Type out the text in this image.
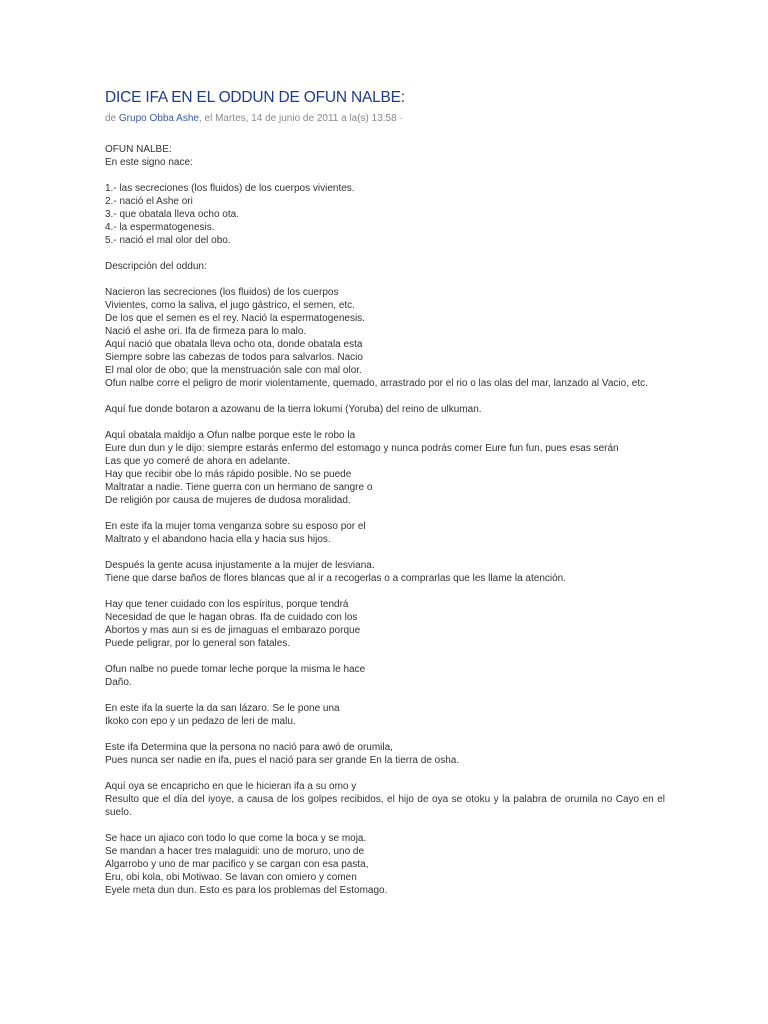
DICE IFA EN EL ODDUN DE OFUN NALBE:
de Grupo Obba Ashe, el Martes, 14 de junio de 2011 a la(s) 13:58 ·
OFUN NALBE:
En este signo nace:
1.- las secreciones (los fluidos) de los cuerpos vivientes.
2.- nació el Ashe ori
3.- que obatala lleva ocho ota.
4.- la espermatogenesis.
5.- nació el mal olor del obo.
Descripción del oddun:
Nacieron las secreciones (los fluidos) de los cuerpos
Vivientes, como la saliva, el jugo gástrico, el semen, etc.
De los que el semen es el rey. Nació la espermatogenesis.
Nació el ashe ori. Ifa de firmeza para lo malo.
Aquí nació que obatala lleva ocho ota, donde obatala esta
Siempre sobre las cabezas de todos para salvarlos. Nacio
El mal olor de obo; que la menstruación sale con mal olor.
Ofun nalbe corre el peligro de morir violentamente, quemado, arrastrado por el rio o las olas del mar, lanzado al Vacio, etc.
Aquí fue donde botaron a azowanu de la tierra lokumi (Yoruba) del reino de ulkuman.
Aquí obatala maldijo a Ofun nalbe porque este le robo la
Eure dun dun y le dijo: siempre estarás enfermo del estomago y nunca podrás comer Eure fun fun, pues esas serán
Las que yo comeré de ahora en adelante.
Hay que recibir obe lo más rápido posible. No se puede
Maltratar a nadie. Tiene guerra con un hermano de sangre o
De religión por causa de mujeres de dudosa moralidad.
En este ifa la mujer toma venganza sobre su esposo por el
Maltrato y el abandono hacia ella y hacia sus hijos.
Después la gente acusa injustamente a la mujer de lesviana.
Tiene que darse baños de flores blancas que al ir a recogerlas o a comprarlas que les llame la atención.
Hay que tener cuidado con los espíritus, porque tendrá
Necesidad de que le hagan obras. Ifa de cuidado con los
Abortos y mas aun si es de jimaguas el embarazo porque
Puede peligrar, por lo general son fatales.
Ofun nalbe no puede tomar leche porque la misma le hace
Daño.
En este ifa la suerte la da san lázaro. Se le pone una
Ikoko con epo y un pedazo de leri de malu.
Este ifa Determina que la persona no nació para awó de orumila,
Pues nunca ser nadie en ifa, pues el nació para ser grande En la tierra de osha.
Aquí oya se encapricho en que le hicieran ifa a su omo y
Resulto que el día del iyoye, a causa de los golpes recibidos, el hijo de oya se otoku y la palabra de orumila no Cayo en el suelo.
Se hace un ajiaco con todo lo que come la boca y se moja.
Se mandan a hacer tres malaguidi: uno de moruro, uno de
Algarrobo y uno de mar pacifico y se cargan con esa pasta,
Eru, obi kola, obi Motiwao. Se lavan con omiero y comen
Eyele meta dun dun. Esto es para los problemas del Estomago.
